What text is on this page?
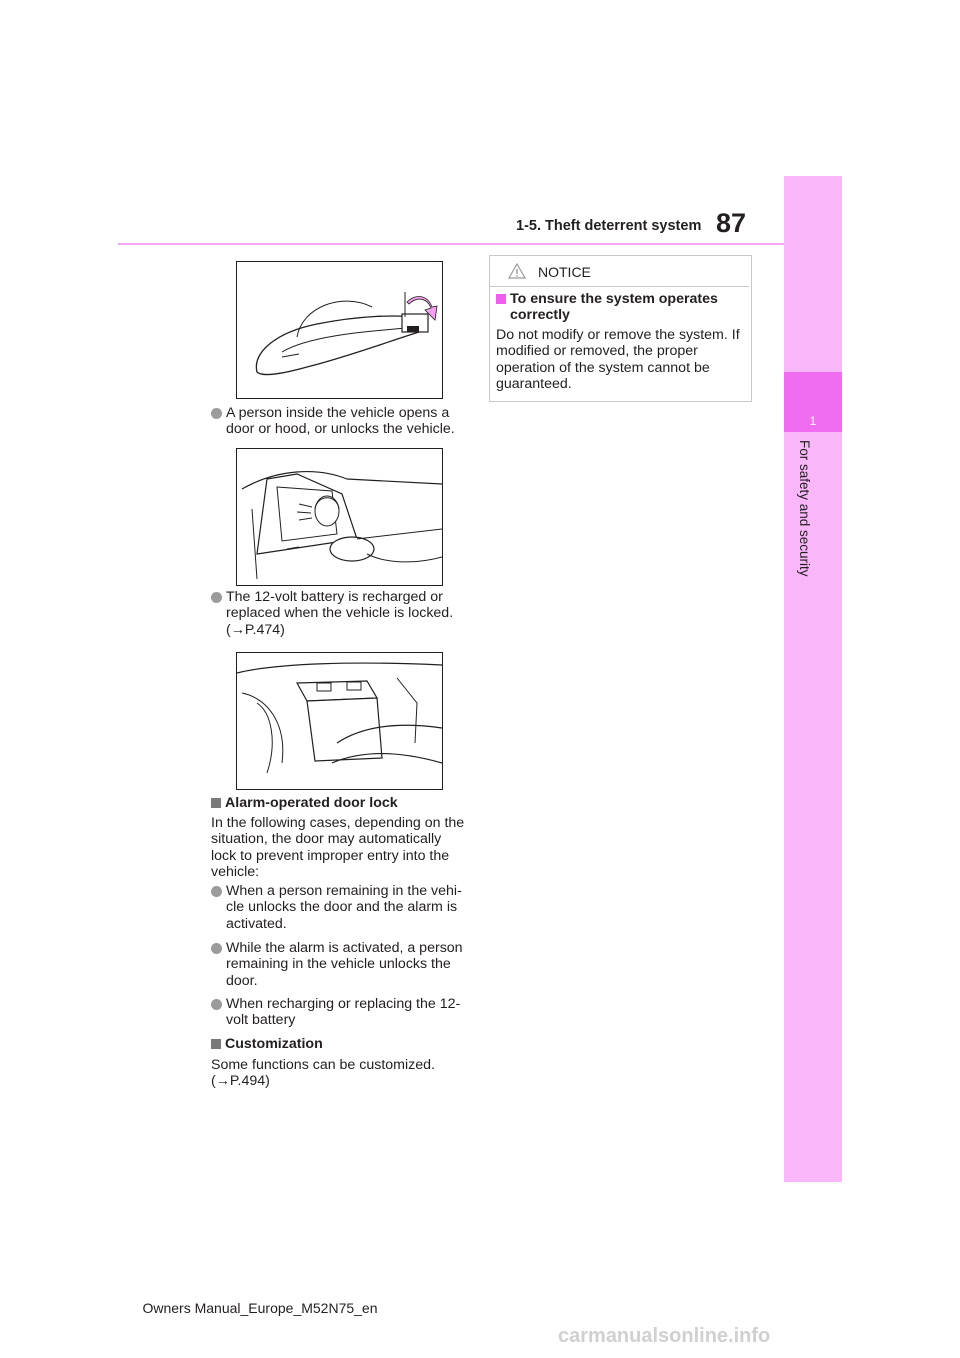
1-5. Theft deterrent system 87
1
For safety and security
A person inside the vehicle opens a door or hood, or unlocks the vehicle.
The 12-volt battery is recharged or replaced when the vehicle is locked.
(→P.474)
Alarm-operated door lock
In the following cases, depending on the situation, the door may automatically lock to prevent improper entry into the vehicle:
When a person remaining in the vehi-cle unlocks the door and the alarm is activated.
While the alarm is activated, a person remaining in the vehicle unlocks the door.
When recharging or replacing the 12-volt battery
Customization
Some functions can be customized.
(→P.494)
NOTICE
To ensure the system operates correctly
Do not modify or remove the system. If modified or removed, the proper operation of the system cannot be guaranteed.
Owners Manual_Europe_M52N75_en
carmanualsonline.info
